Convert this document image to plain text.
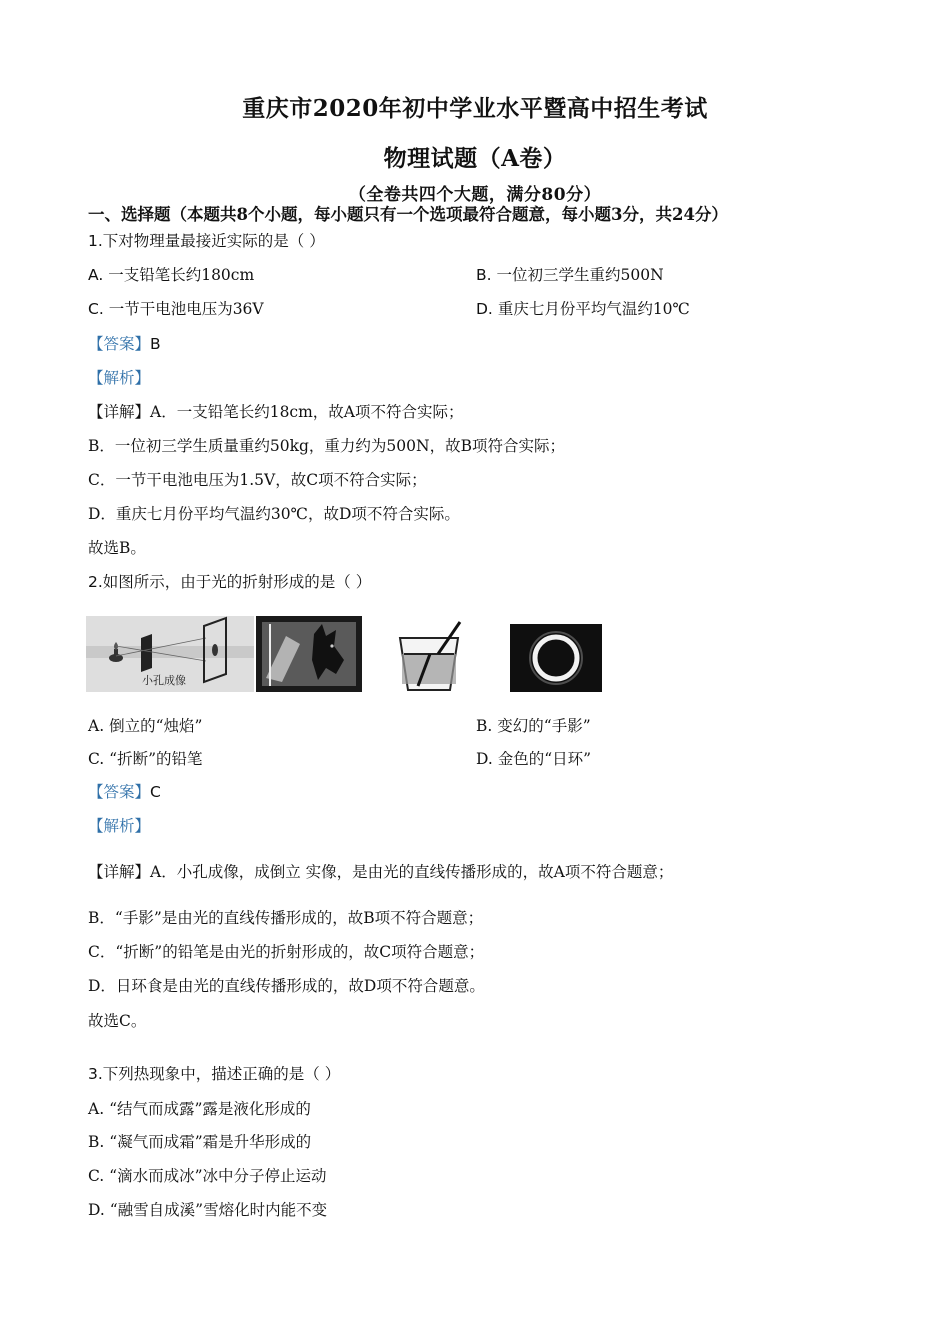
重庆市2020年初中学业水平暨高中招生考试
物理试题（A卷）
（全卷共四个大题，满分80分）
一、选择题（本题共8个小题，每小题只有一个选项最符合题意，每小题3分，共24分）
1.下对物理量最接近实际的是（ ）
A. 一支铅笔长约180cm	B. 一位初三学生重约500N
C. 一节干电池电压为36V	D. 重庆七月份平均气温约10℃
【答案】B
【解析】
【详解】A．一支铅笔长约18cm，故A项不符合实际；
B．一位初三学生质量重约50kg，重力约为500N，故B项符合实际；
C．一节干电池电压为1.5V，故C项不符合实际；
D．重庆七月份平均气温约30℃，故D项不符合实际。
故选B。
2.如图所示，由于光的折射形成的是（ ）
小孔成像
A. 倒立的“烛焰”	B. 变幻的“手影”
C. “折断”的铅笔	D. 金色的“日环”
【答案】C
【解析】
【详解】A．小孔成像，成倒立 实像，是由光的直线传播形成的，故A项不符合题意；
B．“手影”是由光的直线传播形成的，故B项不符合题意；
C．“折断”的铅笔是由光的折射形成的，故C项符合题意；
D．日环食是由光的直线传播形成的，故D项不符合题意。
故选C。
3.下列热现象中，描述正确的是（ ）
A. “结气而成露”露是液化形成的
B. “凝气而成霜”霜是升华形成的
C. “滴水而成冰”冰中分子停止运动
D. “融雪自成溪”雪熔化时内能不变
